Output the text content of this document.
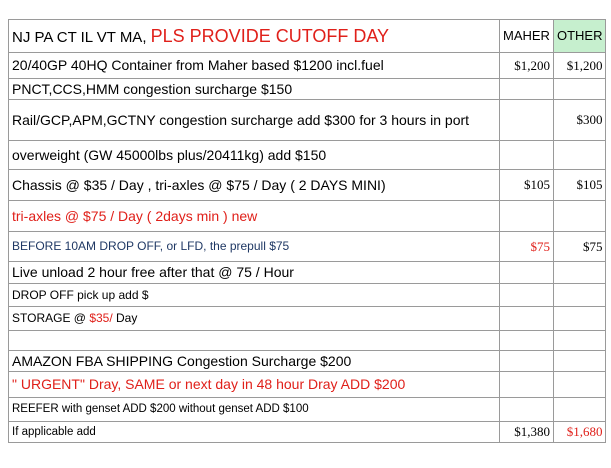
NJ PA CT IL VT MA, PLS PROVIDE CUTOFF DAY	MAHER	OTHER
20/40GP 40HQ Container from Maher based $1200 incl.fuel	$1,200	$1,200
PNCT,CCS,HMM congestion surcharge $150		
Rail/GCP,APM,GCTNY congestion surcharge add $300 for 3 hours in port		$300
overweight (GW 45000lbs plus/20411kg) add $150		
Chassis @ $35 / Day , tri-axles @ $75 / Day ( 2 DAYS MINI)	$105	$105
tri-axles @ $75 / Day ( 2days min ) new		
BEFORE 10AM DROP OFF, or LFD, the prepull $75	$75	$75
Live unload 2 hour free after that @ 75 / Hour		
DROP OFF pick up add $		
STORAGE @ $35/ Day		

AMAZON FBA SHIPPING Congestion Surcharge $200		
" URGENT" Dray, SAME or next day in 48 hour Dray ADD $200		
REEFER with genset ADD $200 without genset ADD $100		
If applicable add	$1,380	$1,680
